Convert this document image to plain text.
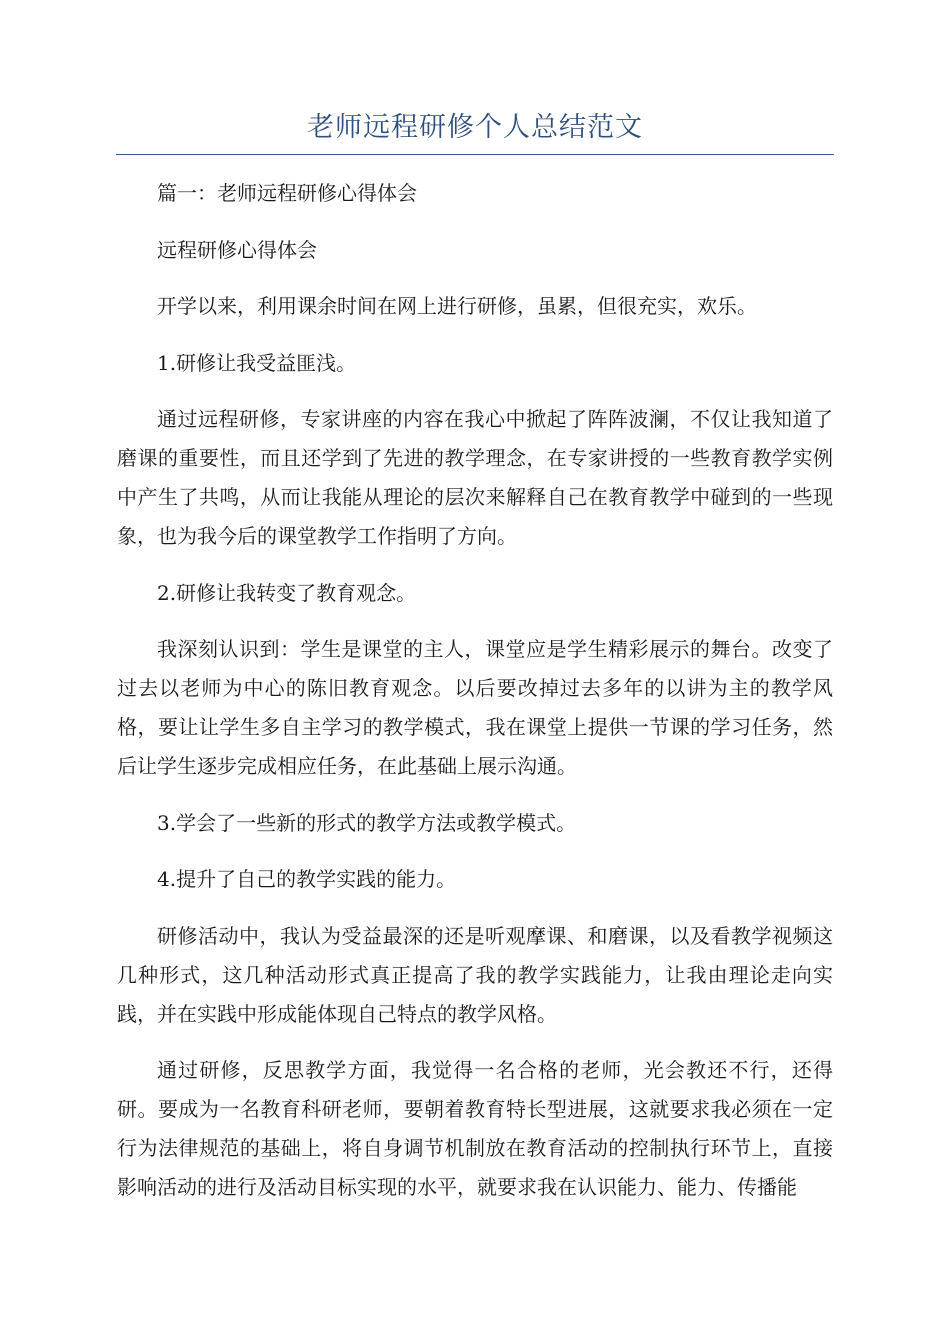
老师远程研修个人总结范文

篇一：老师远程研修心得体会

远程研修心得体会

开学以来，利用课余时间在网上进行研修，虽累，但很充实，欢乐。

1.研修让我受益匪浅。

通过远程研修，专家讲座的内容在我心中掀起了阵阵波澜，不仅让我知道了磨课的重要性，而且还学到了先进的教学理念，在专家讲授的一些教育教学实例中产生了共鸣，从而让我能从理论的层次来解释自己在教育教学中碰到的一些现象，也为我今后的课堂教学工作指明了方向。

2.研修让我转变了教育观念。

我深刻认识到：学生是课堂的主人，课堂应是学生精彩展示的舞台。改变了过去以老师为中心的陈旧教育观念。以后要改掉过去多年的以讲为主的教学风格，要让让学生多自主学习的教学模式，我在课堂上提供一节课的学习任务，然后让学生逐步完成相应任务，在此基础上展示沟通。

3.学会了一些新的形式的教学方法或教学模式。

4.提升了自己的教学实践的能力。

研修活动中，我认为受益最深的还是听观摩课、和磨课，以及看教学视频这几种形式，这几种活动形式真正提高了我的教学实践能力，让我由理论走向实践，并在实践中形成能体现自己特点的教学风格。

通过研修，反思教学方面，我觉得一名合格的老师，光会教还不行，还得研。要成为一名教育科研老师，要朝着教育特长型进展，这就要求我必须在一定行为法律规范的基础上，将自身调节机制放在教育活动的控制执行环节上，直接影响活动的进行及活动目标实现的水平，就要求我在认识能力、能力、传播能
